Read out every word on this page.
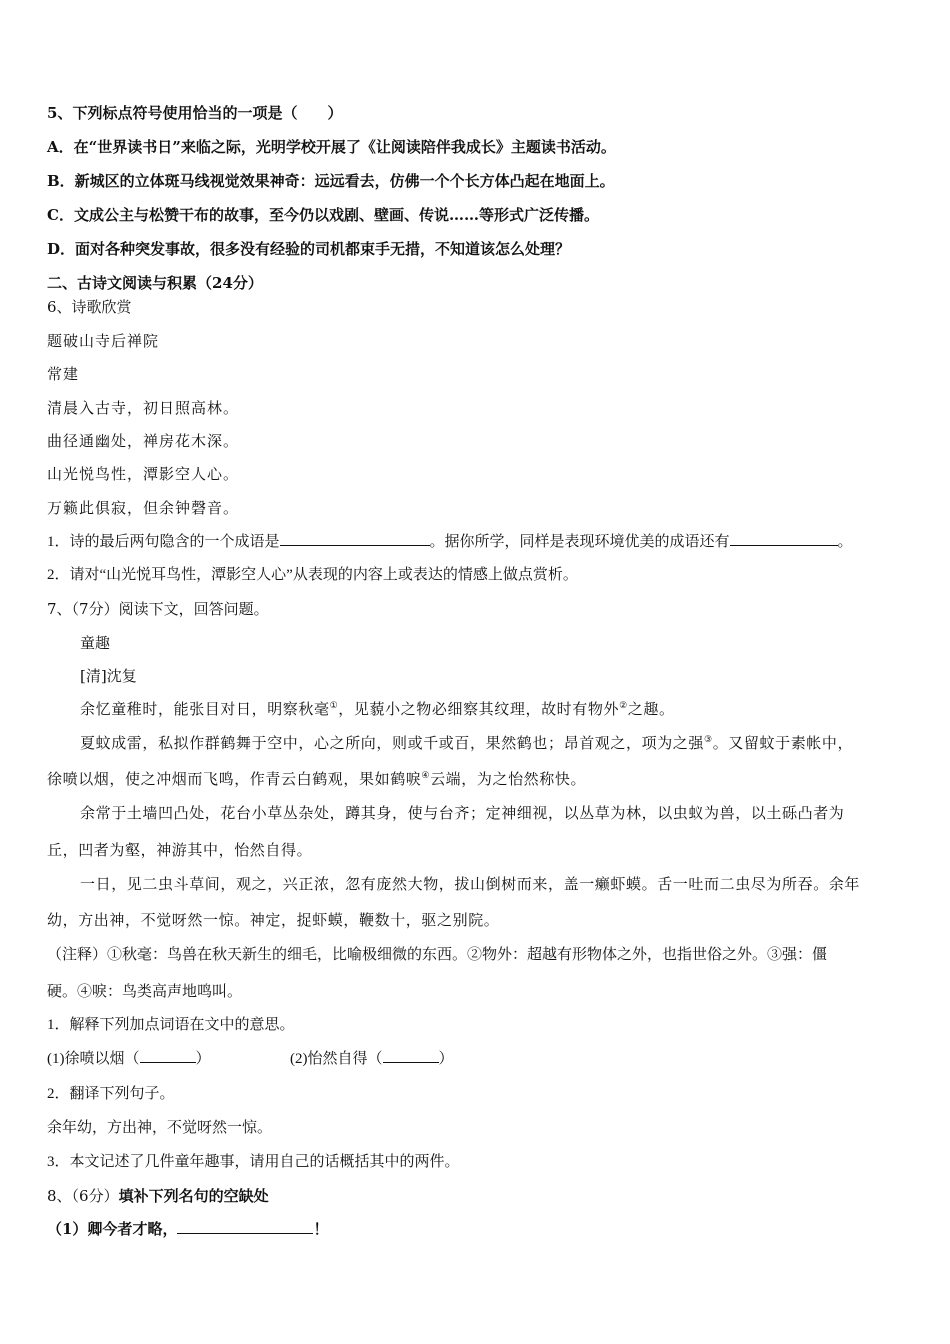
5、下列标点符号使用恰当的一项是（　　）
A．在“世界读书日”来临之际，光明学校开展了《让阅读陪伴我成长》主题读书活动。
B．新城区的立体斑马线视觉效果神奇：远远看去，仿佛一个个长方体凸起在地面上。
C．文成公主与松赞干布的故事，至今仍以戏剧、壁画、传说……等形式广泛传播。
D．面对各种突发事故，很多没有经验的司机都束手无措，不知道该怎么处理？
二、古诗文阅读与积累（24分）
6、诗歌欣赏
题破山寺后禅院
常建
清晨入古寺，初日照高林。
曲径通幽处，禅房花木深。
山光悦鸟性，潭影空人心。
万籁此俱寂，但余钟磬音。
1．诗的最后两句隐含的一个成语是	。据你所学，同样是表现环境优美的成语还有	。
2．请对“山光悦耳鸟性，潭影空人心”从表现的内容上或表达的情感上做点赏析。
7、（7分）阅读下文，回答问题。
童趣
[清]沈复
余忆童稚时，能张目对日，明察秋毫①，见藐小之物必细察其纹理，故时有物外②之趣。
夏蚊成雷，私拟作群鹤舞于空中，心之所向，则或千或百，果然鹤也；昂首观之，项为之强③。又留蚊于素帐中，
徐喷以烟，使之冲烟而飞鸣，作青云白鹤观，果如鹤唳④云端，为之怡然称快。
余常于土墙凹凸处，花台小草丛杂处，蹲其身，使与台齐；定神细视，以丛草为林，以虫蚁为兽，以土砾凸者为
丘，凹者为壑，神游其中，怡然自得。
一日，见二虫斗草间，观之，兴正浓，忽有庞然大物，拔山倒树而来，盖一癞虾蟆。舌一吐而二虫尽为所吞。余年
幼，方出神，不觉呀然一惊。神定，捉虾蟆，鞭数十，驱之别院。
（注释）①秋毫：鸟兽在秋天新生的细毛，比喻极细微的东西。②物外：超越有形物体之外，也指世俗之外。③强：僵
硬。④唳：鸟类高声地鸣叫。
1．解释下列加点词语在文中的意思。
(1)徐喷以烟（	）	(2)怡然自得（	）
2．翻译下列句子。
余年幼，方出神，不觉呀然一惊。
3．本文记述了几件童年趣事，请用自己的话概括其中的两件。
8、（6分）填补下列名句的空缺处
（1）卿今者才略，	！
